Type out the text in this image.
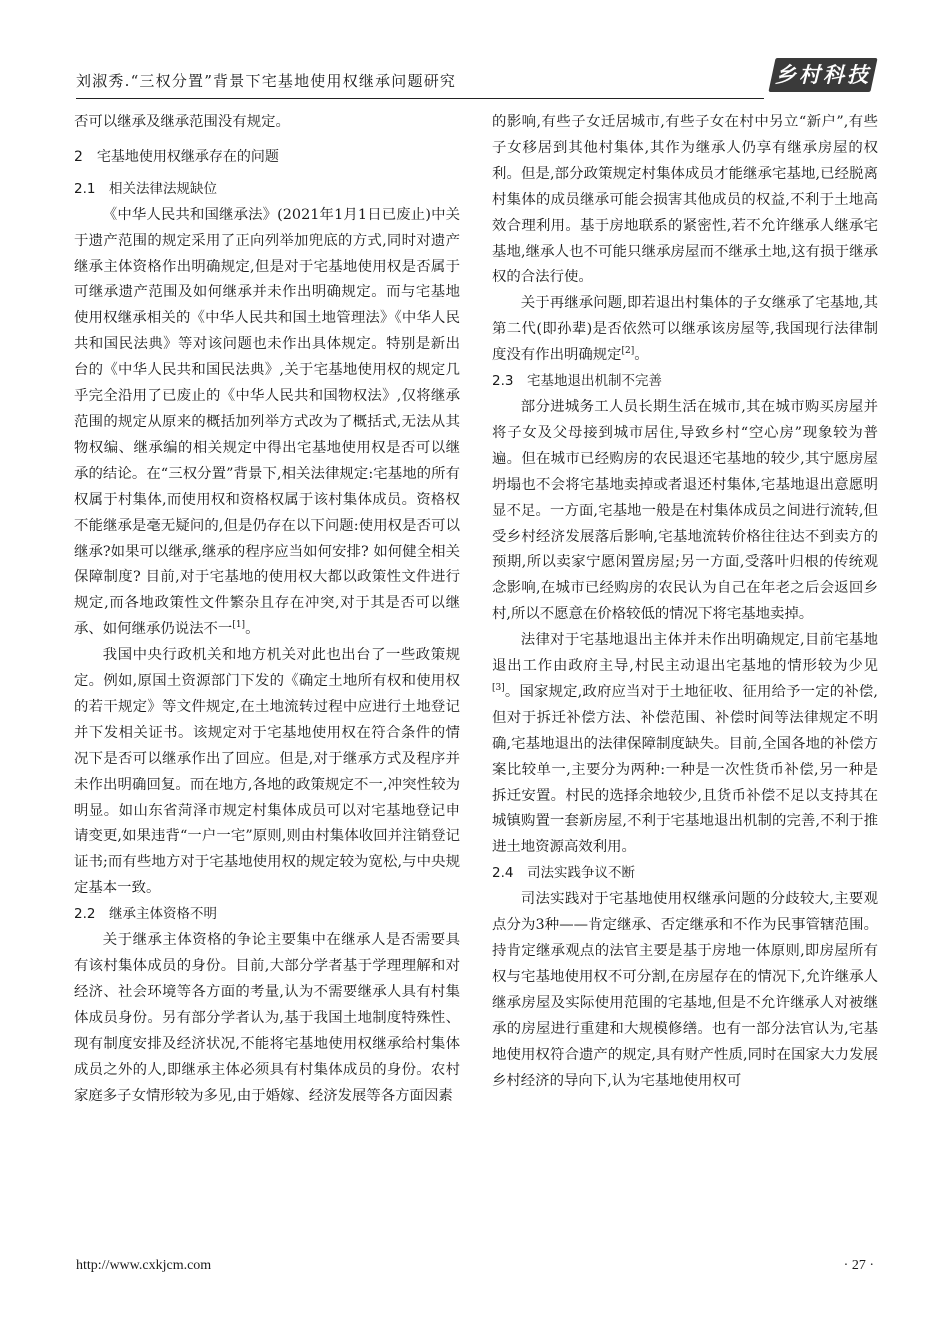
刘淑秀.“三权分置”背景下宅基地使用权继承问题研究	乡村科技

否可以继承及继承范围没有规定。

2　宅基地使用权继承存在的问题

2.1　相关法律法规缺位

《中华人民共和国继承法》(2021年1月1日已废止)中关于遗产范围的规定采用了正向列举加兜底的方式,同时对遗产继承主体资格作出明确规定,但是对于宅基地使用权是否属于可继承遗产范围及如何继承并未作出明确规定。而与宅基地使用权继承相关的《中华人民共和国土地管理法》《中华人民共和国民法典》等对该问题也未作出具体规定。特别是新出台的《中华人民共和国民法典》,关于宅基地使用权的规定几乎完全沿用了已废止的《中华人民共和国物权法》,仅将继承范围的规定从原来的概括加列举方式改为了概括式,无法从其物权编、继承编的相关规定中得出宅基地使用权是否可以继承的结论。在“三权分置”背景下,相关法律规定:宅基地的所有权属于村集体,而使用权和资格权属于该村集体成员。资格权不能继承是毫无疑问的,但是仍存在以下问题:使用权是否可以继承?如果可以继承,继承的程序应当如何安排? 如何健全相关保障制度? 目前,对于宅基地的使用权大都以政策性文件进行规定,而各地政策性文件繁杂且存在冲突,对于其是否可以继承、如何继承仍说法不一[1]。

我国中央行政机关和地方机关对此也出台了一些政策规定。例如,原国土资源部门下发的《确定土地所有权和使用权的若干规定》等文件规定,在土地流转过程中应进行土地登记并下发相关证书。该规定对于宅基地使用权在符合条件的情况下是否可以继承作出了回应。但是,对于继承方式及程序并未作出明确回复。而在地方,各地的政策规定不一,冲突性较为明显。如山东省菏泽市规定村集体成员可以对宅基地登记申请变更,如果违背“一户一宅”原则,则由村集体收回并注销登记证书;而有些地方对于宅基地使用权的规定较为宽松,与中央规定基本一致。

2.2　继承主体资格不明

关于继承主体资格的争论主要集中在继承人是否需要具有该村集体成员的身份。目前,大部分学者基于学理理解和对经济、社会环境等各方面的考量,认为不需要继承人具有村集体成员身份。另有部分学者认为,基于我国土地制度特殊性、现有制度安排及经济状况,不能将宅基地使用权继承给村集体成员之外的人,即继承主体必须具有村集体成员的身份。农村家庭多子女情形较为多见,由于婚嫁、经济发展等各方面因素

的影响,有些子女迁居城市,有些子女在村中另立“新户”,有些子女移居到其他村集体,其作为继承人仍享有继承房屋的权利。但是,部分政策规定村集体成员才能继承宅基地,已经脱离村集体的成员继承可能会损害其他成员的权益,不利于土地高效合理利用。基于房地联系的紧密性,若不允许继承人继承宅基地,继承人也不可能只继承房屋而不继承土地,这有损于继承权的合法行使。

关于再继承问题,即若退出村集体的子女继承了宅基地,其第二代(即孙辈)是否依然可以继承该房屋等,我国现行法律制度没有作出明确规定[2]。

2.3　宅基地退出机制不完善

部分进城务工人员长期生活在城市,其在城市购买房屋并将子女及父母接到城市居住,导致乡村“空心房”现象较为普遍。但在城市已经购房的农民退还宅基地的较少,其宁愿房屋坍塌也不会将宅基地卖掉或者退还村集体,宅基地退出意愿明显不足。一方面,宅基地一般是在村集体成员之间进行流转,但受乡村经济发展落后影响,宅基地流转价格往往达不到卖方的预期,所以卖家宁愿闲置房屋;另一方面,受落叶归根的传统观念影响,在城市已经购房的农民认为自己在年老之后会返回乡村,所以不愿意在价格较低的情况下将宅基地卖掉。

法律对于宅基地退出主体并未作出明确规定,目前宅基地退出工作由政府主导,村民主动退出宅基地的情形较为少见[3]。国家规定,政府应当对于土地征收、征用给予一定的补偿,但对于拆迁补偿方法、补偿范围、补偿时间等法律规定不明确,宅基地退出的法律保障制度缺失。目前,全国各地的补偿方案比较单一,主要分为两种:一种是一次性货币补偿,另一种是拆迁安置。村民的选择余地较少,且货币补偿不足以支持其在城镇购置一套新房屋,不利于宅基地退出机制的完善,不利于推进土地资源高效利用。

2.4　司法实践争议不断

司法实践对于宅基地使用权继承问题的分歧较大,主要观点分为3种——肯定继承、否定继承和不作为民事管辖范围。持肯定继承观点的法官主要是基于房地一体原则,即房屋所有权与宅基地使用权不可分割,在房屋存在的情况下,允许继承人继承房屋及实际使用范围的宅基地,但是不允许继承人对被继承的房屋进行重建和大规模修缮。也有一部分法官认为,宅基地使用权符合遗产的规定,具有财产性质,同时在国家大力发展乡村经济的导向下,认为宅基地使用权可

http://www.cxkjcm.com	· 27 ·
